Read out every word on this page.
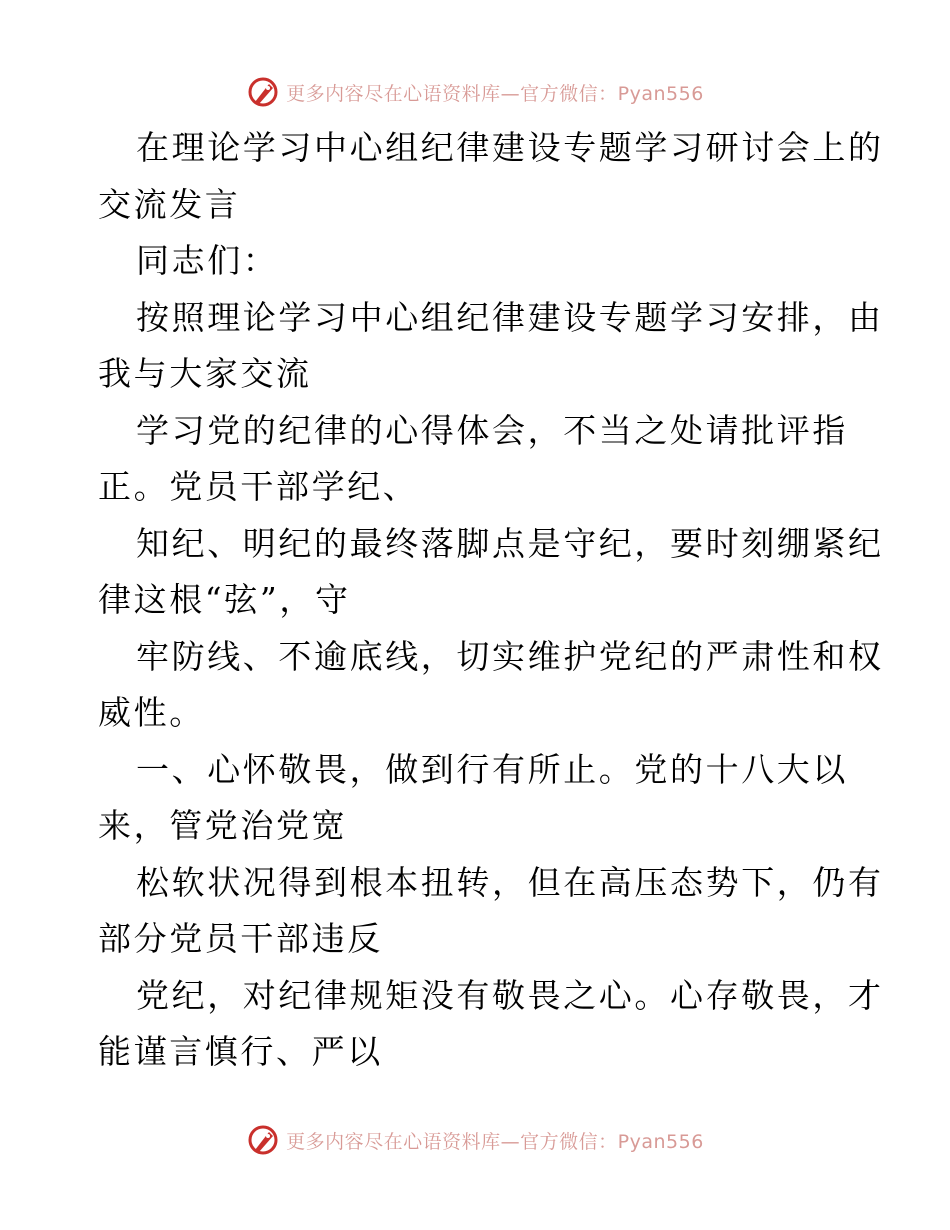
更多内容尽在心语资料库—官方微信：Pyan556
在理论学习中心组纪律建设专题学习研讨会上的
交流发言
同志们：
按照理论学习中心组纪律建设专题学习安排，由
我与大家交流
学习党的纪律的心得体会，不当之处请批评指
正。党员干部学纪、
知纪、明纪的最终落脚点是守纪，要时刻绷紧纪
律这根“弦”，守
牢防线、不逾底线，切实维护党纪的严肃性和权
威性。
一、心怀敬畏，做到行有所止。党的十八大以
来，管党治党宽
松软状况得到根本扭转，但在高压态势下，仍有
部分党员干部违反
党纪，对纪律规矩没有敬畏之心。心存敬畏，才
能谨言慎行、严以
更多内容尽在心语资料库—官方微信：Pyan556
